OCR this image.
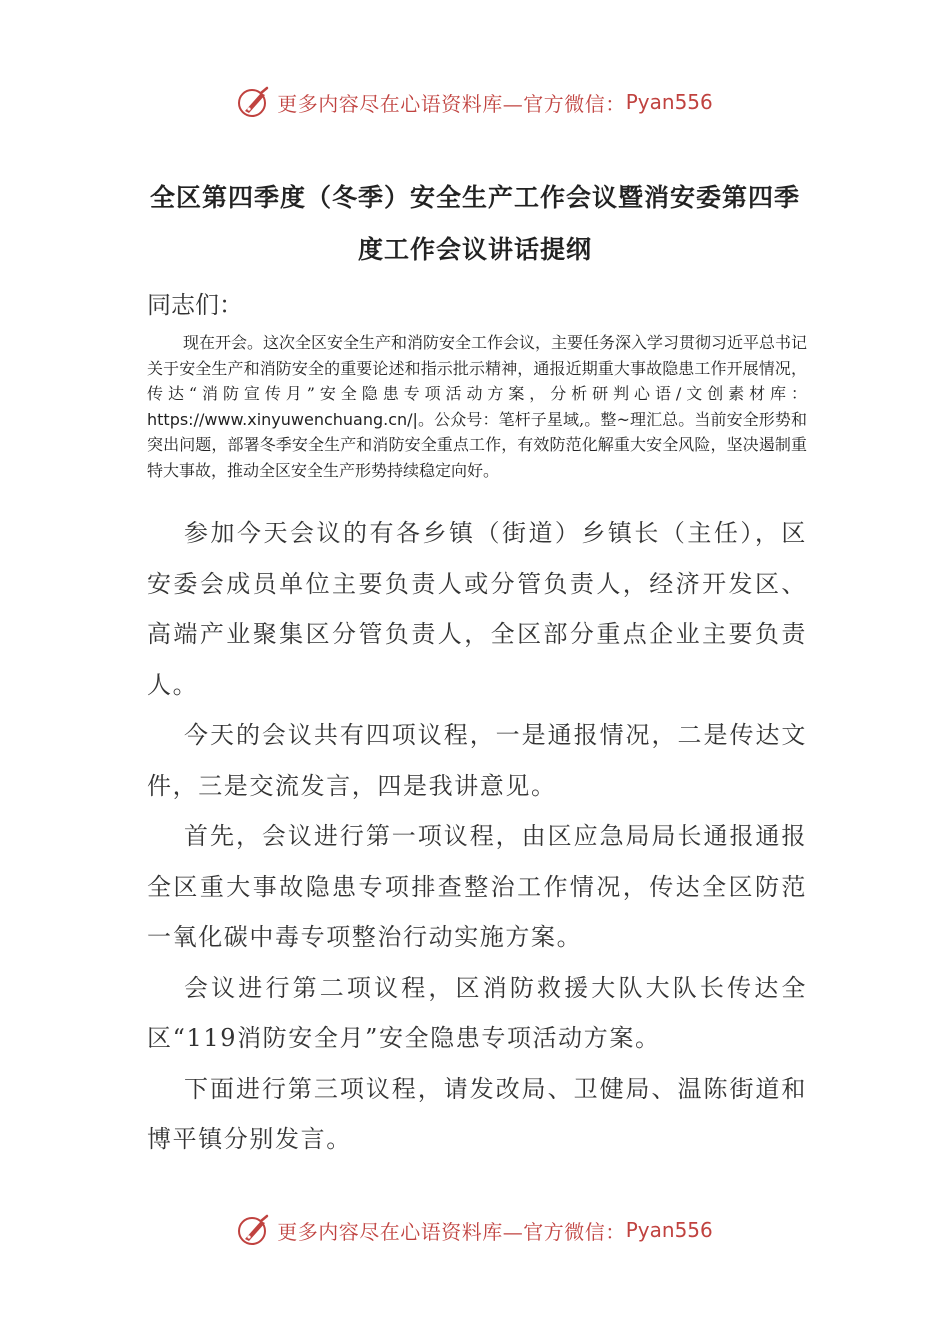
更多内容尽在心语资料库—官方微信： Pyan556
全区第四季度（冬季）安全生产工作会议暨消安委第四季
度工作会议讲话提纲
同志们：
现在开会。这次全区安全生产和消防安全工作会议，主要任务深入学习贯彻习近平总书记关于安全生产和消防安全的重要论述和指示批示精神，通报近期重大事故隐患工作开展情况，传达“消防宣传月”安全隐患专项活动方案，分析研判心语/文创素材库：https://www.xinyuwenchuang.cn/|。公众号：笔杆子星域,。整~理汇总。当前安全形势和突出问题，部署冬季安全生产和消防安全重点工作，有效防范化解重大安全风险，坚决遏制重特大事故，推动全区安全生产形势持续稳定向好。

参加今天会议的有各乡镇（街道）乡镇长（主任），区安委会成员单位主要负责人或分管负责人，经济开发区、高端产业聚集区分管负责人，全区部分重点企业主要负责人。

今天的会议共有四项议程，一是通报情况，二是传达文件，三是交流发言，四是我讲意见。

首先，会议进行第一项议程，由区应急局局长通报通报全区重大事故隐患专项排查整治工作情况，传达全区防范一氧化碳中毒专项整治行动实施方案。

会议进行第二项议程，区消防救援大队大队长传达全区“119消防安全月”安全隐患专项活动方案。

下面进行第三项议程，请发改局、卫健局、温陈街道和博平镇分别发言。

更多内容尽在心语资料库—官方微信： Pyan556
